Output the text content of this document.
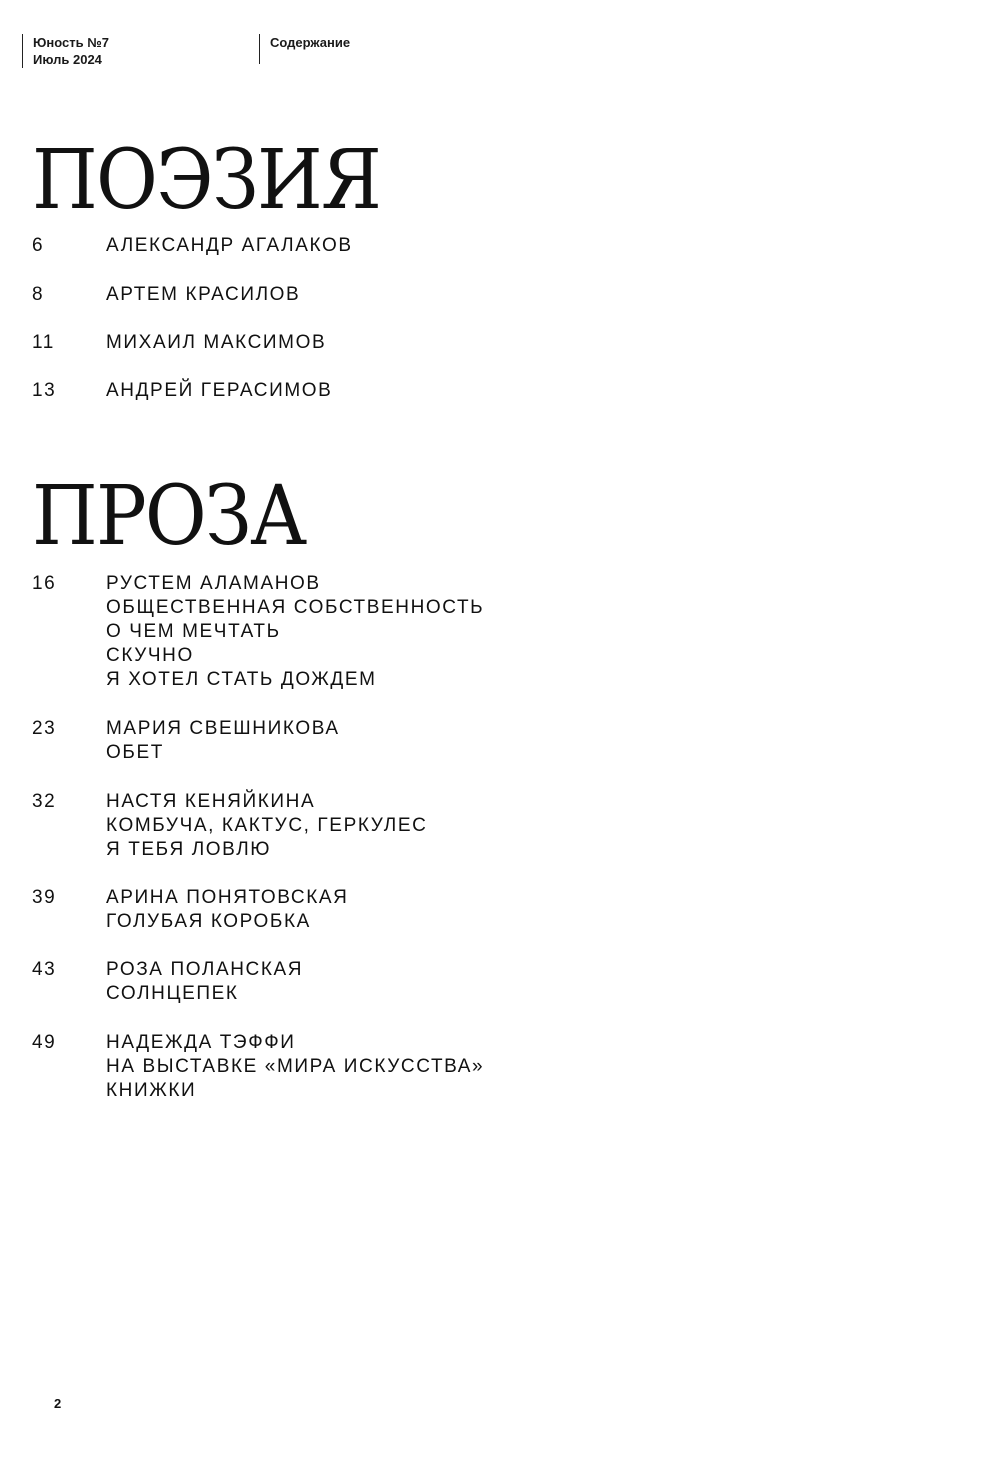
Юность №7
Июль 2024
Содержание
ПОЭЗИЯ
6	АЛЕКСАНДР АГАЛАКОВ
8	АРТЕМ КРАСИЛОВ
11	МИХАИЛ МАКСИМОВ
13	АНДРЕЙ ГЕРАСИМОВ
ПРОЗА
16	РУСТЕМ АЛАМАНОВ
ОБЩЕСТВЕННАЯ СОБСТВЕННОСТЬ
О ЧЕМ МЕЧТАТЬ
СКУЧНО
Я ХОТЕЛ СТАТЬ ДОЖДЕМ
23	МАРИЯ СВЕШНИКОВА
ОБЕТ
32	НАСТЯ КЕНЯЙКИНА
КОМБУЧА, КАКТУС, ГЕРКУЛЕС
Я ТЕБЯ ЛОВЛЮ
39	АРИНА ПОНЯТОВСКАЯ
ГОЛУБАЯ КОРОБКА
43	РОЗА ПОЛАНСКАЯ
СОЛНЦЕПЕК
49	НАДЕЖДА ТЭФФИ
НА ВЫСТАВКЕ «МИРА ИСКУССТВА»
КНИЖКИ
2
